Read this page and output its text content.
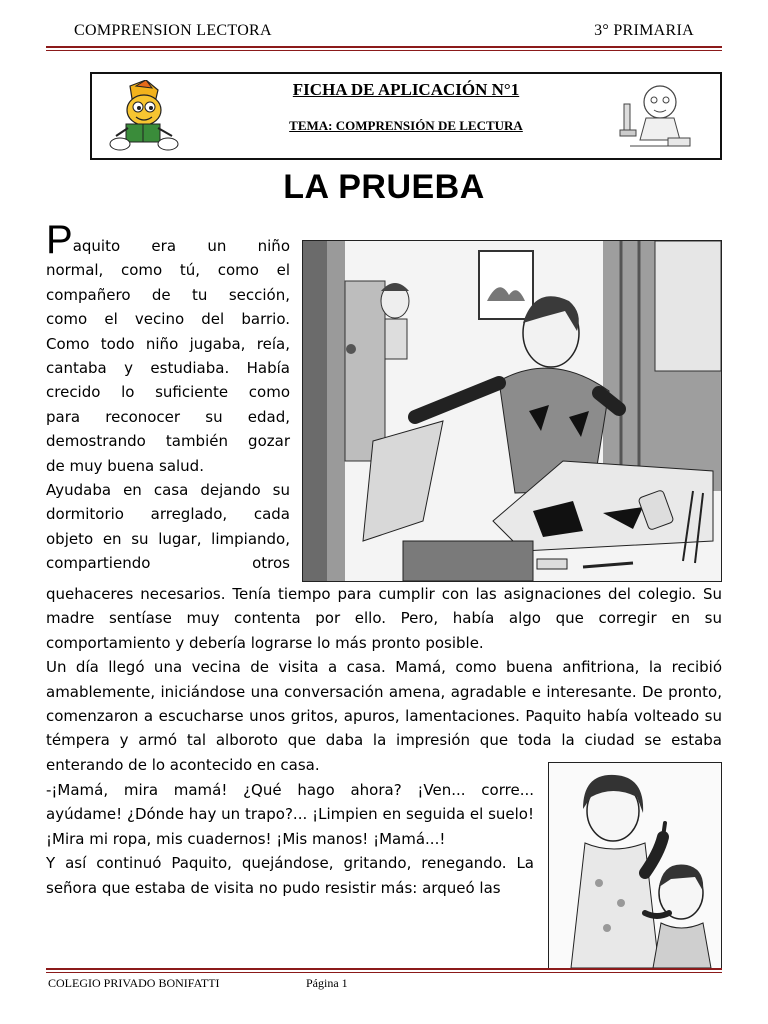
COMPRENSION LECTORA	3° PRIMARIA
FICHA DE APLICACIÓN N°1
TEMA: COMPRENSIÓN DE LECTURA
LA PRUEBA

Paquito era un niño

normal, como tú, como el

compañero de tu sección,

como el vecino del barrio.

Como todo niño jugaba, reía,

cantaba y estudiaba. Había

crecido lo suficiente como

para reconocer su edad,

demostrando también gozar

de muy buena salud.

Ayudaba en casa dejando su

dormitorio arreglado, cada

objeto en su lugar, limpiando,

compartiendo otros

quehaceres necesarios. Tenía tiempo para cumplir con las asignaciones del colegio. Su madre sentíase muy contenta por ello. Pero, había algo que corregir en su comportamiento y debería lograrse lo más pronto posible.

Un día llegó una vecina de visita a casa. Mamá, como buena anfitriona, la recibió amablemente, iniciándose una conversación amena, agradable e interesante. De pronto, comenzaron a escucharse unos gritos, apuros, lamentaciones. Paquito había volteado su témpera y armó tal alboroto que daba la impresión que toda la ciudad se estaba enterando de lo acontecido en casa.

-¡Mamá, mira mamá! ¿Qué hago ahora? ¡Ven... corre... ayúdame! ¿Dónde hay un trapo?... ¡Limpien en seguida el suelo! ¡Mira mi ropa, mis cuadernos! ¡Mis manos! ¡Mamá...!

Y así continuó Paquito, quejándose, gritando, renegando. La señora que estaba de visita no pudo resistir más: arqueó las

COLEGIO PRIVADO BONIFATTI	Página 1
